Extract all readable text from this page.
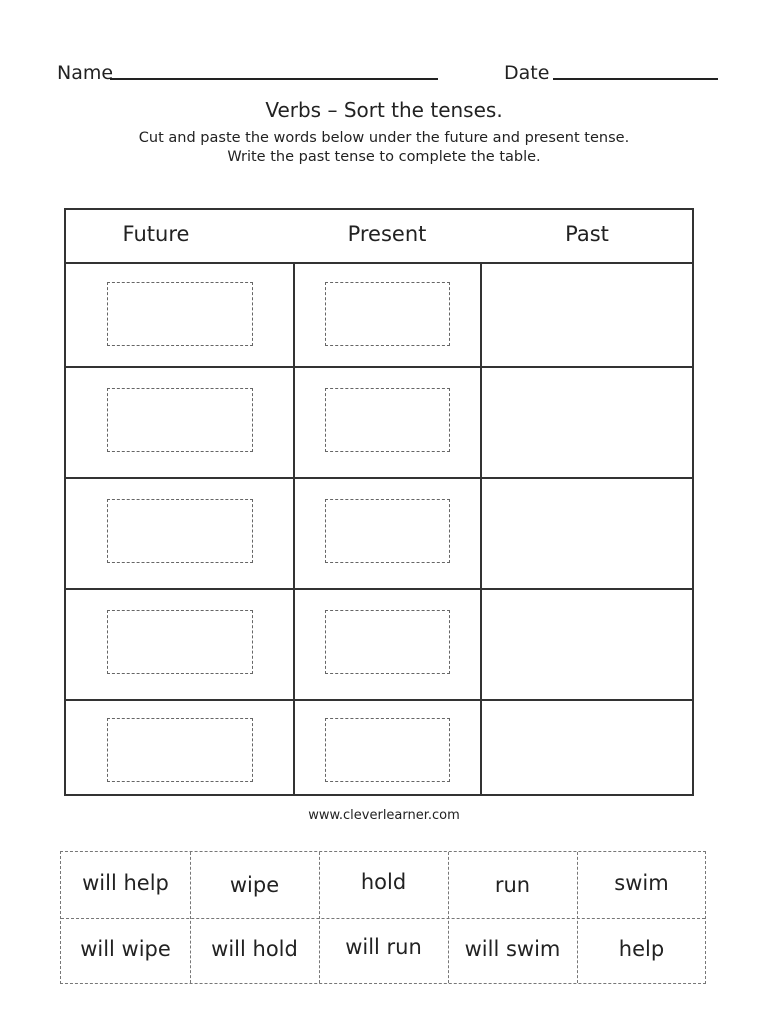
Name	Date
Verbs – Sort the tenses.
Cut and paste the words below under the future and present tense.
Write the past tense to complete the table.
Future	Present	Past
www.cleverlearner.com
will help	wipe	hold	run	swim
will wipe	will hold	will run	will swim	help
